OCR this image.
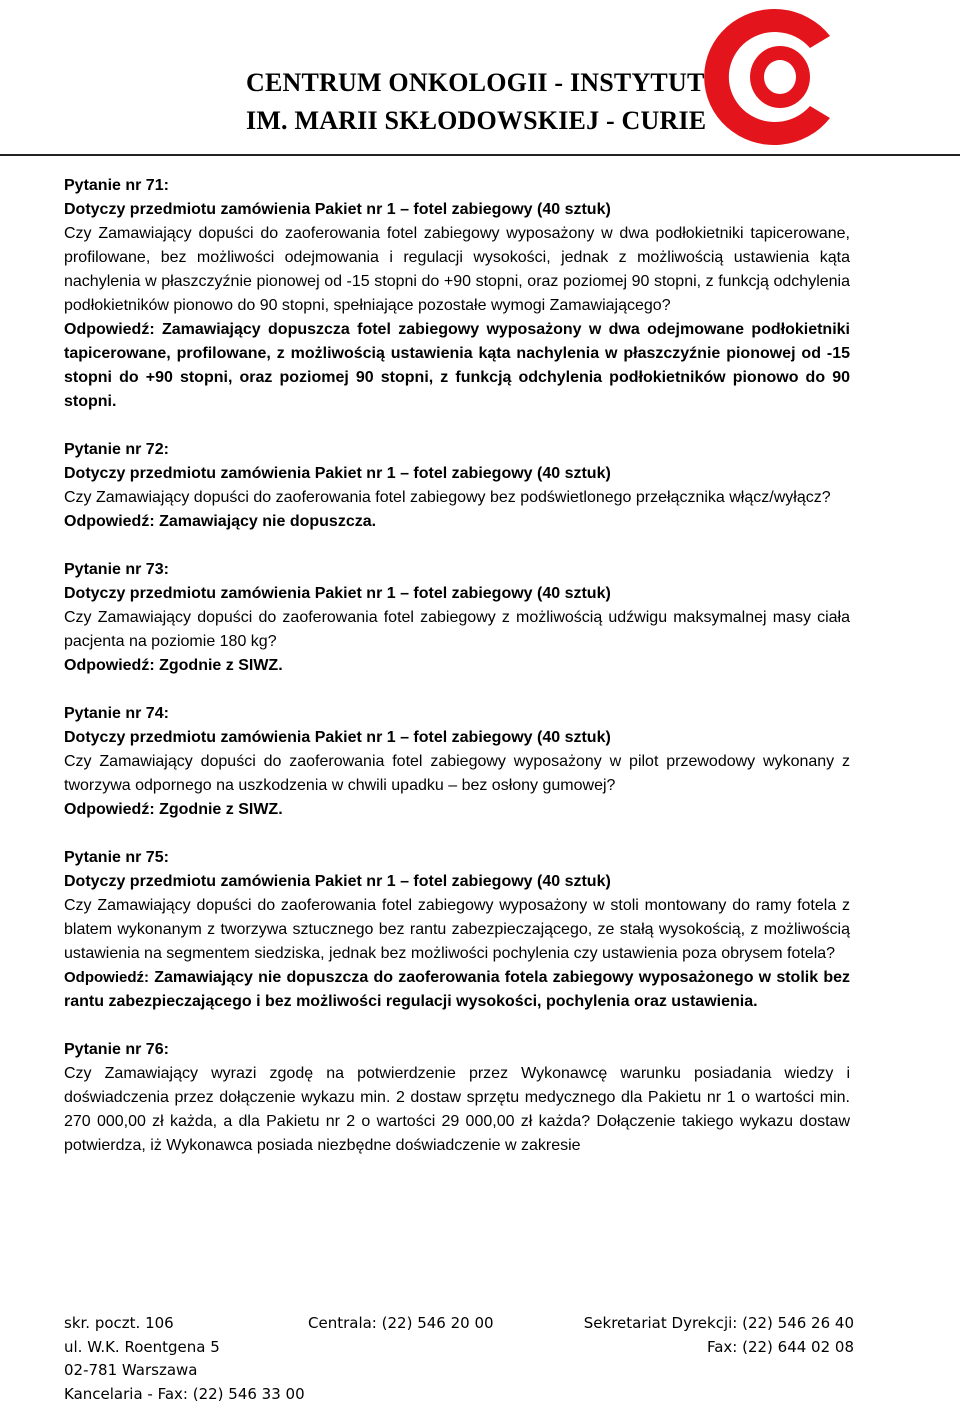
CENTRUM ONKOLOGII - INSTYTUT
IM. MARII SKŁODOWSKIEJ - CURIE

Pytanie nr 71:

Dotyczy przedmiotu zamówienia Pakiet nr 1 – fotel zabiegowy (40 sztuk)

Czy Zamawiający dopuści do zaoferowania fotel zabiegowy wyposażony w dwa podłokietniki tapicerowane, profilowane, bez możliwości odejmowania i regulacji wysokości, jednak z możliwością ustawienia kąta nachylenia w płaszczyźnie pionowej od -15 stopni do +90 stopni, oraz poziomej 90 stopni, z funkcją odchylenia podłokietników pionowo do 90 stopni, spełniające pozostałe wymogi Zamawiającego?

Odpowiedź: Zamawiający dopuszcza fotel zabiegowy wyposażony w dwa odejmowane podłokietniki tapicerowane, profilowane, z możliwością ustawienia kąta nachylenia w płaszczyźnie pionowej od -15 stopni do +90 stopni, oraz poziomej 90 stopni, z funkcją odchylenia podłokietników pionowo do 90 stopni.

Pytanie nr 72:

Dotyczy przedmiotu zamówienia Pakiet nr 1 – fotel zabiegowy (40 sztuk)

Czy Zamawiający dopuści do zaoferowania fotel zabiegowy bez podświetlonego przełącznika włącz/wyłącz?

Odpowiedź: Zamawiający nie dopuszcza.

Pytanie nr 73:

Dotyczy przedmiotu zamówienia Pakiet nr 1 – fotel zabiegowy (40 sztuk)

Czy Zamawiający dopuści do zaoferowania fotel zabiegowy z możliwością udźwigu maksymalnej masy ciała pacjenta na poziomie 180 kg?

Odpowiedź: Zgodnie z SIWZ.

Pytanie nr 74:

Dotyczy przedmiotu zamówienia Pakiet nr 1 – fotel zabiegowy (40 sztuk)

Czy Zamawiający dopuści do zaoferowania fotel zabiegowy wyposażony w pilot przewodowy wykonany z tworzywa odpornego na uszkodzenia w chwili upadku – bez osłony gumowej?

Odpowiedź: Zgodnie z SIWZ.

Pytanie nr 75:

Dotyczy przedmiotu zamówienia Pakiet nr 1 – fotel zabiegowy (40 sztuk)

Czy Zamawiający dopuści do zaoferowania fotel zabiegowy wyposażony w stoli montowany do ramy fotela z blatem wykonanym z tworzywa sztucznego bez rantu zabezpieczającego, ze stałą wysokością, z możliwością ustawienia na segmentem siedziska, jednak bez możliwości pochylenia czy ustawienia poza obrysem fotela?

Odpowiedź: Zamawiający nie dopuszcza do zaoferowania fotela zabiegowy wyposażonego w stolik bez rantu zabezpieczającego i bez możliwości regulacji wysokości, pochylenia oraz ustawienia.

Pytanie nr 76:

Czy Zamawiający wyrazi zgodę na potwierdzenie przez Wykonawcę warunku posiadania wiedzy i doświadczenia przez dołączenie wykazu min. 2 dostaw sprzętu medycznego dla Pakietu nr 1 o wartości min. 270 000,00 zł każda, a dla Pakietu nr 2 o wartości 29 000,00 zł każda? Dołączenie takiego wykazu dostaw potwierdza, iż Wykonawca posiada niezbędne doświadczenie w zakresie

skr. poczt. 106	Centrala: (22) 546 20 00	Sekretariat Dyrekcji: (22) 546 26 40
ul. W.K. Roentgena 5	Fax: (22) 644 02 08
02-781 Warszawa
Kancelaria - Fax: (22) 546 33 00
